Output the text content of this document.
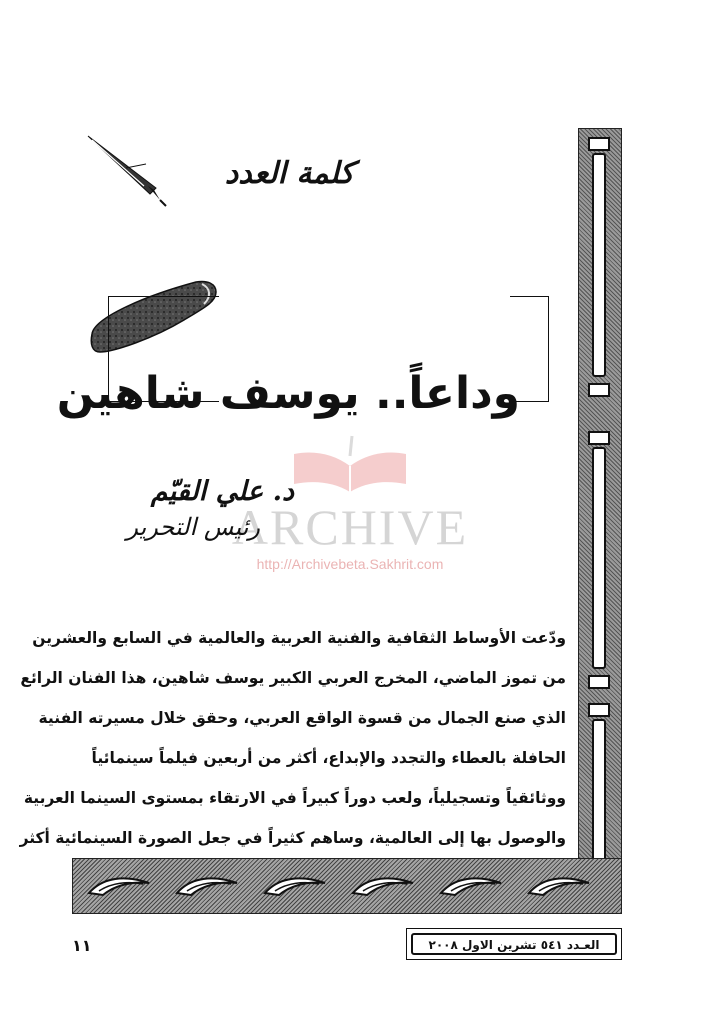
كلمة العدد
ARCHIVE
http://Archivebeta.Sakhrit.com
وداعاً.. يوسف شاهين
د. علي القيّم
رئيس التحرير
ودّعت الأوساط الثقافية والفنية العربية والعالمية في السابع والعشرين
من تموز الماضي، المخرج العربي الكبير يوسف شاهين، هذا الفنان الرائع
الذي صنع الجمال من قسوة الواقع العربي، وحقق خلال مسيرته الفنية
الحافلة بالعطاء والتجدد والإبداع، أكثر من أربعين فيلماً سينمائياً
ووثائقياً وتسجيلياً، ولعب دوراً كبيراً في الارتقاء بمستوى السينما العربية
والوصول بها إلى العالمية، وساهم كثيراً في جعل الصورة السينمائية أكثر
العـدد ٥٤١ تشرين الاول ٢٠٠٨
١١
